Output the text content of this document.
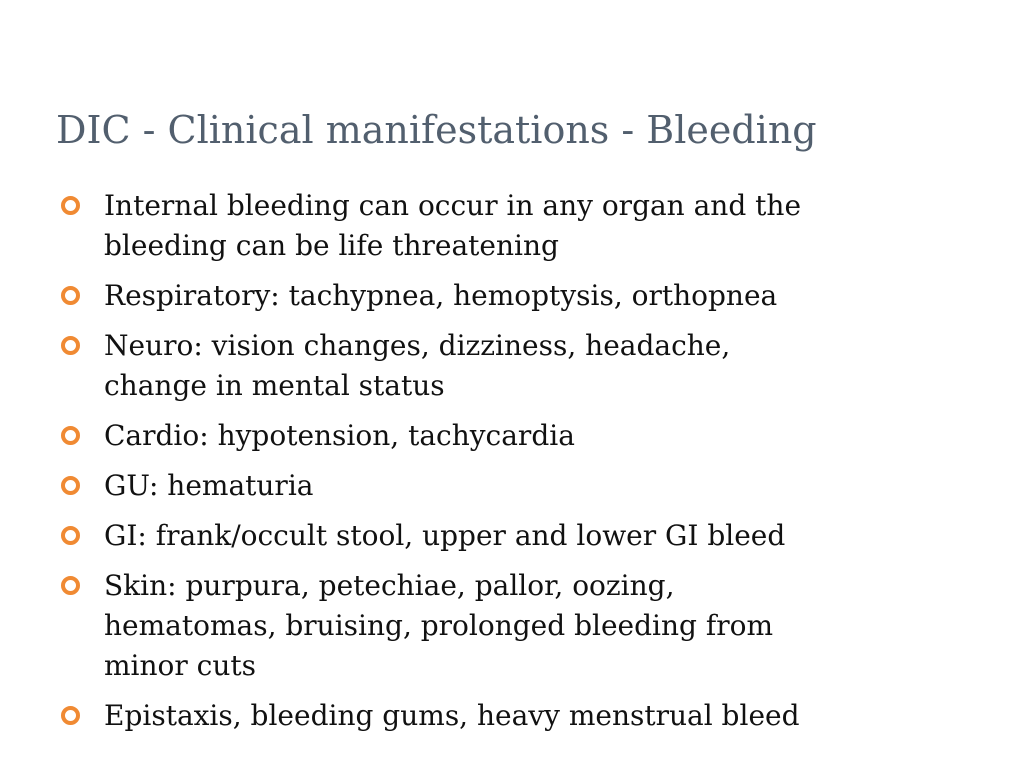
DIC - Clinical manifestations - Bleeding
Internal bleeding can occur in any organ and the
bleeding can be life threatening
Respiratory: tachypnea, hemoptysis, orthopnea
Neuro: vision changes, dizziness, headache,
change in mental status
Cardio: hypotension, tachycardia
GU: hematuria
GI: frank/occult stool, upper and lower GI bleed
Skin: purpura, petechiae, pallor, oozing,
hematomas, bruising, prolonged bleeding from
minor cuts
Epistaxis, bleeding gums, heavy menstrual bleed
